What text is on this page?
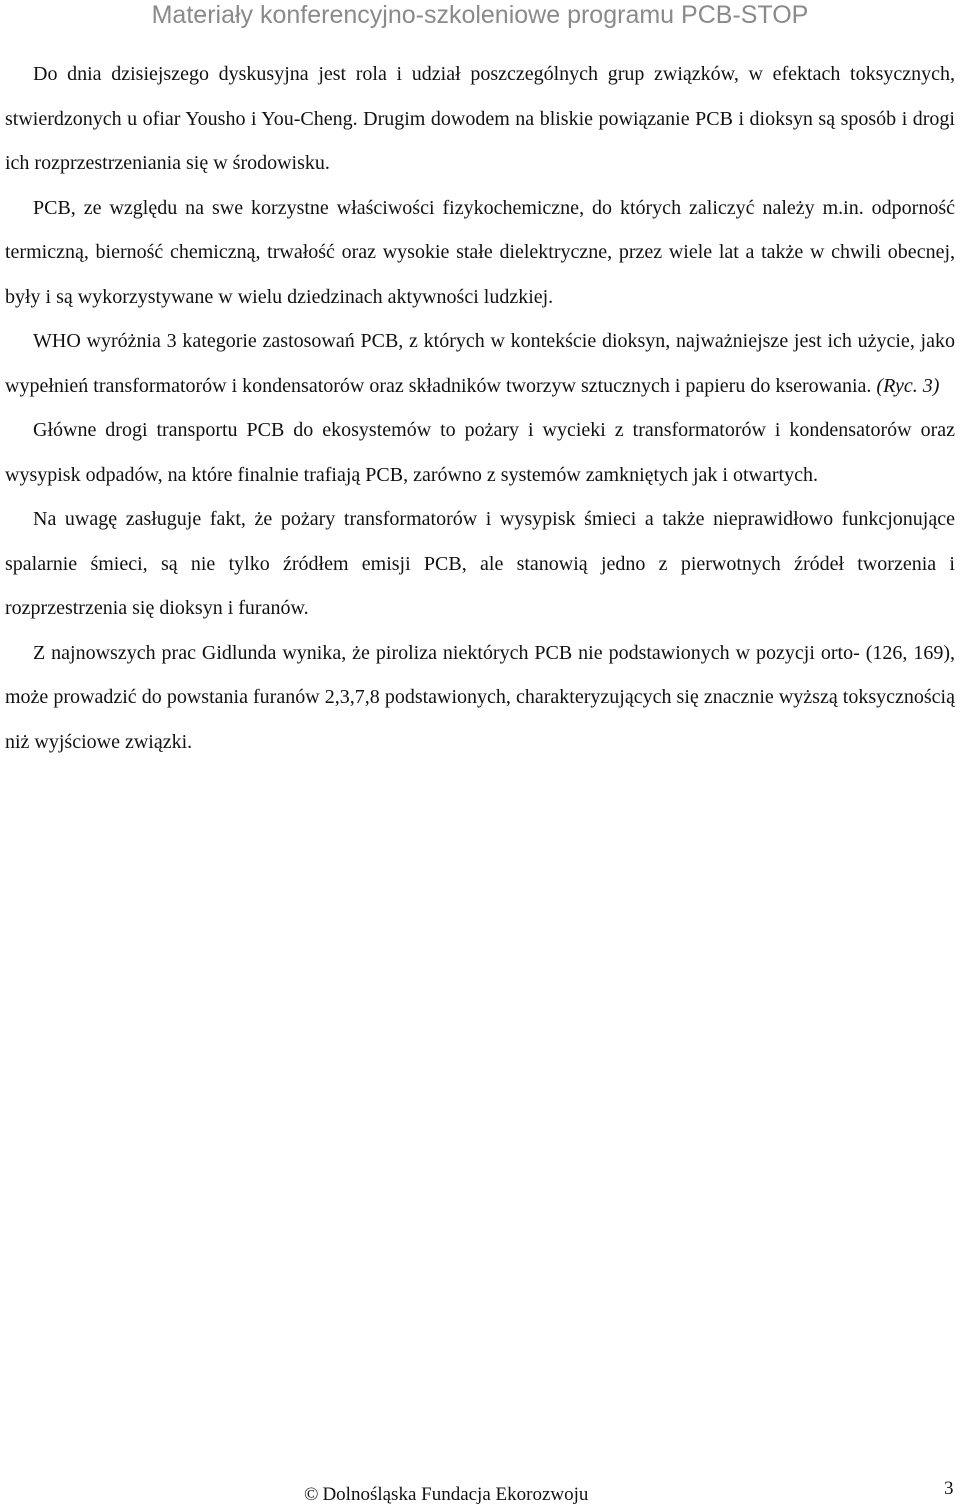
Materiały konferencyjno-szkoleniowe programu PCB-STOP

Do dnia dzisiejszego dyskusyjna jest rola i udział poszczególnych grup związków, w efektach toksycznych, stwierdzonych u ofiar Yousho i You-Cheng. Drugim dowodem na bliskie powiązanie PCB i dioksyn są sposób i drogi ich rozprzestrzeniania się w środowisku.

PCB, ze względu na swe korzystne właściwości fizykochemiczne, do których zaliczyć należy m.in. odporność termiczną, bierność chemiczną, trwałość oraz wysokie stałe dielektryczne, przez wiele lat a także w chwili obecnej, były i są wykorzystywane w wielu dziedzinach aktywności ludzkiej.

WHO wyróżnia 3 kategorie zastosowań PCB, z których w kontekście dioksyn, najważniejsze jest ich użycie, jako wypełnień transformatorów i kondensatorów oraz składników tworzyw sztucznych i papieru do kserowania. (Ryc. 3)

Główne drogi transportu PCB do ekosystemów to pożary i wycieki z transformatorów i kondensatorów oraz wysypisk odpadów, na które finalnie trafiają PCB, zarówno z systemów zamkniętych jak i otwartych.

Na uwagę zasługuje fakt, że pożary transformatorów i wysypisk śmieci a także nieprawidłowo funkcjonujące spalarnie śmieci, są nie tylko źródłem emisji PCB, ale stanowią jedno z pierwotnych źródeł tworzenia i rozprzestrzenia się dioksyn i furanów.

Z najnowszych prac Gidlunda wynika, że piroliza niektórych PCB nie podstawionych w pozycji orto- (126, 169), może prowadzić do powstania furanów 2,3,7,8 podstawionych, charakteryzujących się znacznie wyższą toksycznością niż wyjściowe związki.

© Dolnośląska Fundacja Ekorozwoju	3
